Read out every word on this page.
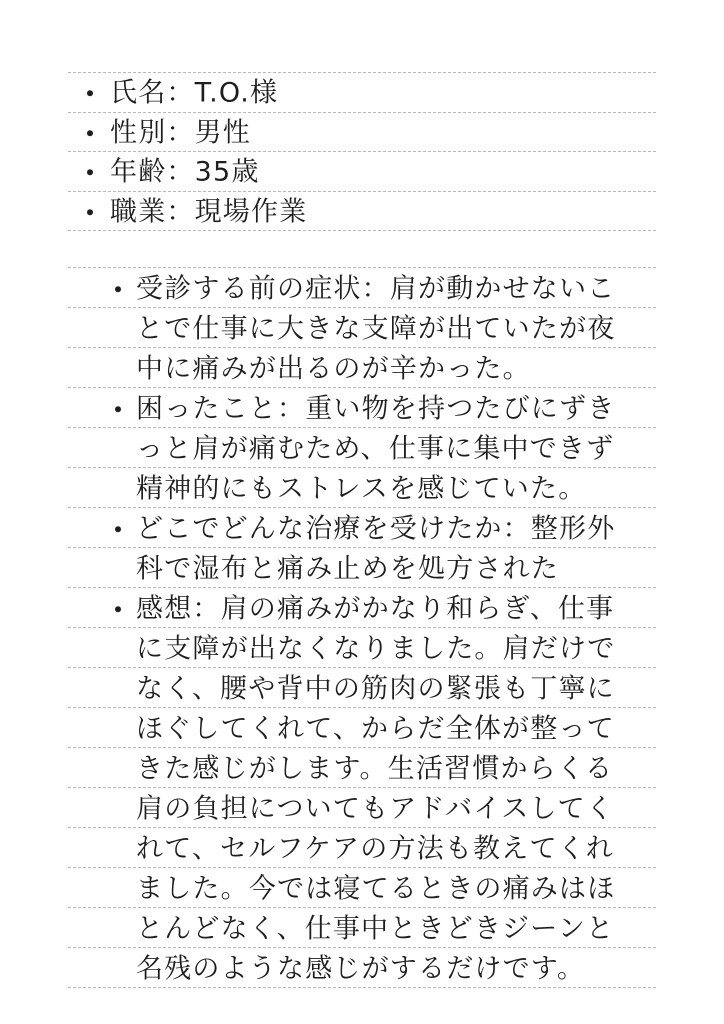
氏名：T.O.様
性別：男性
年齢：35歳
職業：現場作業
受診する前の症状：肩が動かせないこ
とで仕事に大きな支障が出ていたが夜
中に痛みが出るのが辛かった。
困ったこと：重い物を持つたびにずき
っと肩が痛むため、仕事に集中できず
精神的にもストレスを感じていた。
どこでどんな治療を受けたか：整形外
科で湿布と痛み止めを処方された
感想：肩の痛みがかなり和らぎ、仕事
に支障が出なくなりました。肩だけで
なく、腰や背中の筋肉の緊張も丁寧に
ほぐしてくれて、からだ全体が整って
きた感じがします。生活習慣からくる
肩の負担についてもアドバイスしてく
れて、セルフケアの方法も教えてくれ
ました。今では寝てるときの痛みはほ
とんどなく、仕事中ときどきジーンと
名残のような感じがするだけです。
